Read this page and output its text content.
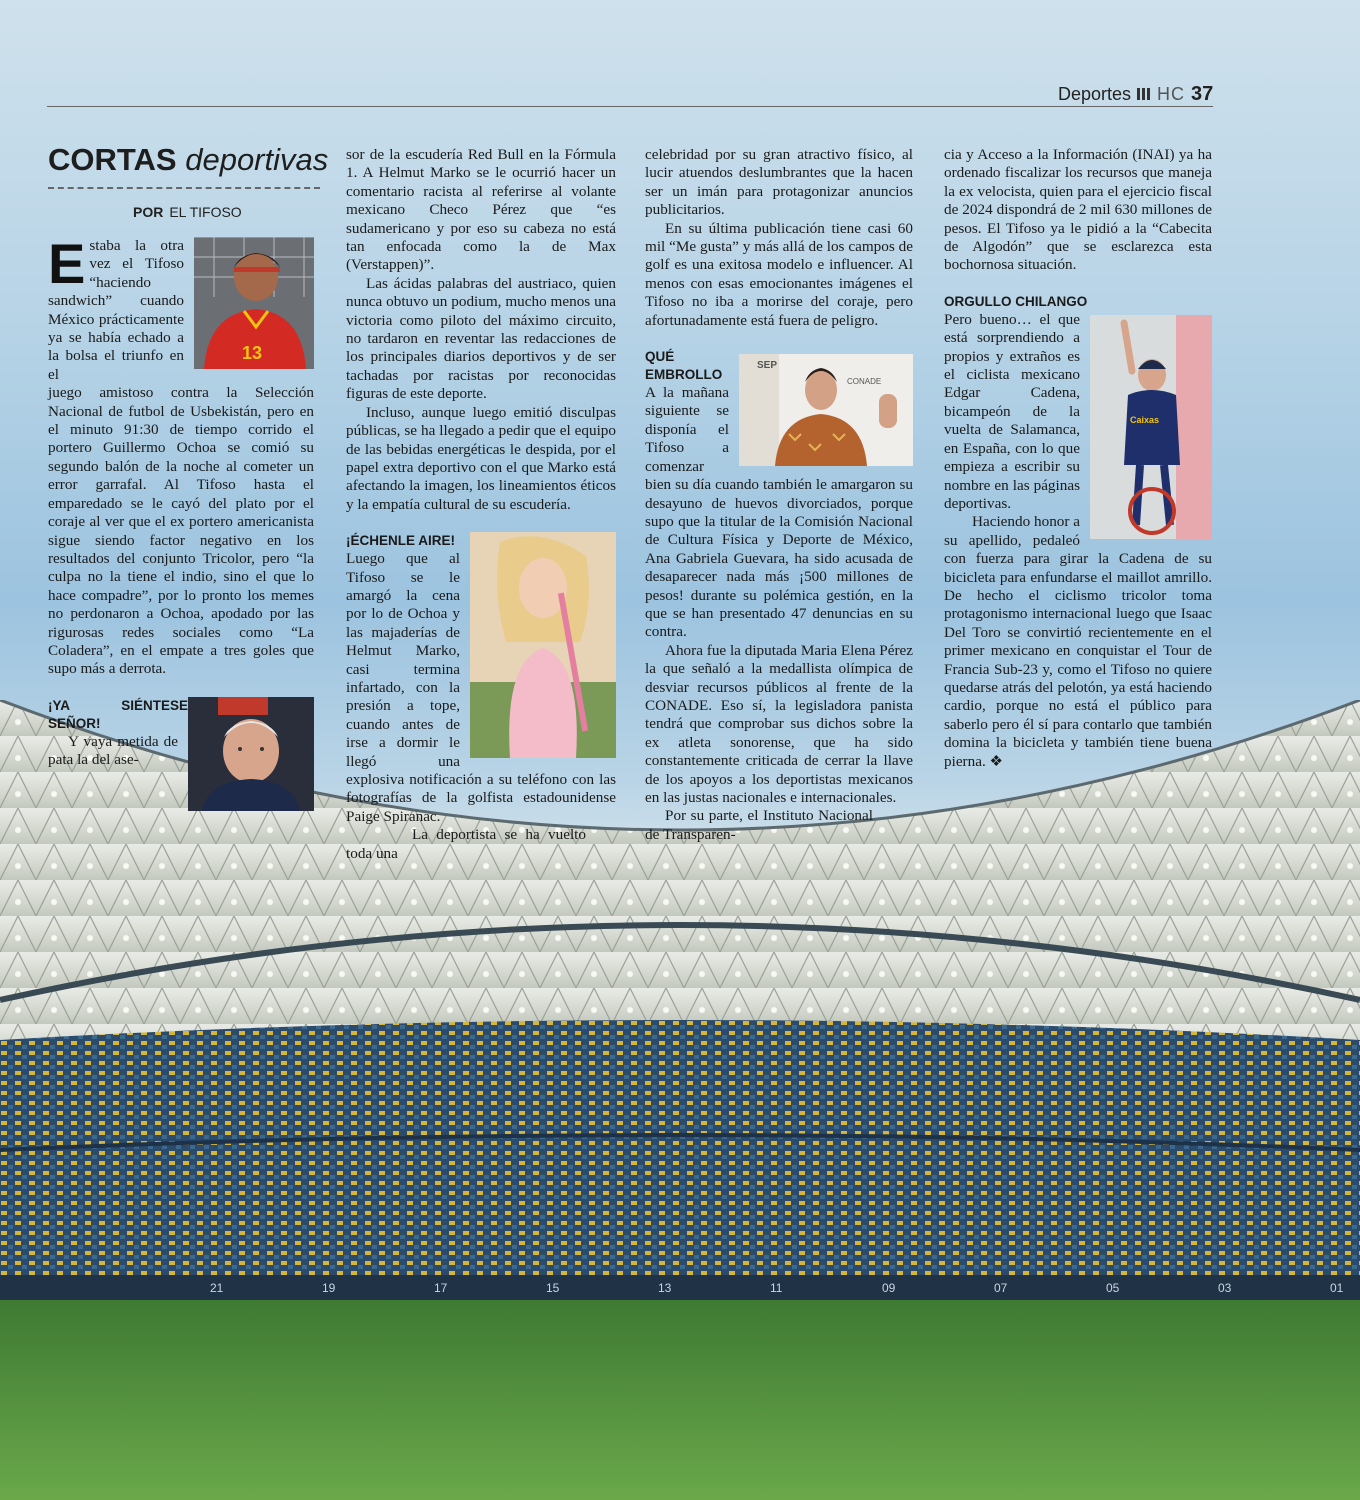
21	19	17	15	13	11	09	07	05	03	01
Deportes HC 37
CORTAS deportivas
POR EL TIFOSO
13
E staba la otra vez el Tifoso “haciendo sandwich” cuando México prácticamente ya se había echado a la bolsa el triunfo en el

juego amistoso contra la Selección Nacional de futbol de Usbekistán, pero en el minuto 91:30 de tiempo corrido el portero Guillermo Ochoa se comió su segundo balón de la noche al cometer un error garrafal. Al Tifoso hasta el emparedado se le cayó del plato por el coraje al ver que el ex portero americanista sigue siendo factor negativo en los resultados del conjunto Tricolor, pero “la culpa no la tiene el indio, sino el que lo hace compadre”, por lo pronto los memes no perdonaron a Ochoa, apodado por las rigurosas redes sociales como “La Coladera”, en el empate a tres goles que supo más a derrota.

¡YA SIÉNTESE SEÑOR!

Y vaya metida de pata la del ase-

sor de la escudería Red Bull en la Fórmula 1. A Helmut Marko se le ocurrió hacer un comentario racista al referirse al volante mexicano Checo Pérez que “es sudamericano y por eso su cabeza no está tan enfocada como la de Max (Verstappen)”.

Las ácidas palabras del austriaco, quien nunca obtuvo un podium, mucho menos una victoria como piloto del máximo circuito, no tardaron en reventar las redacciones de los principales diarios deportivos y de ser tachadas por racistas por reconocidas figuras de este deporte.

Incluso, aunque luego emitió disculpas públicas, se ha llegado a pedir que el equipo de las bebidas energéticas le despida, por el papel extra deportivo con el que Marko está afectando la imagen, los lineamientos éticos y la empatía cultural de su escudería.

¡ÉCHENLE AIRE!

Luego que al Tifoso se le amargó la cena por lo de Ochoa y las majaderías de Helmut Marko, casi termina infartado, con la presión a tope, cuando antes de irse a dormir le llegó una explosiva notificación a su teléfono con las fotografías de la golfista estadounidense Paige Spiranac.

La deportista se ha vuelto toda una

celebridad por su gran atractivo físico, al lucir atuendos deslumbrantes que la hacen ser un imán para protagonizar anuncios publicitarios.

En su última publicación tiene casi 60 mil “Me gusta” y más allá de los campos de golf es una exitosa modelo e influencer. Al menos con esas emocionantes imágenes el Tifoso no iba a morirse del coraje, pero afortunadamente está fuera de peligro.

QUÉ EMBROLLO

SEP
CONADE

A la mañana siguiente se disponía el Tifoso a comenzar bien su día cuando también le amargaron su desayuno de huevos divorciados, porque supo que la titular de la Comisión Nacional de Cultura Física y Deporte de México, Ana Gabriela Guevara, ha sido acusada de desaparecer nada más ¡500 millones de pesos! durante su polémica gestión, en la que se han presentado 47 denuncias en su contra.

Ahora fue la diputada Maria Elena Pérez la que señaló a la medallista olímpica de desviar recursos públicos al frente de la CONADE. Eso sí, la legisladora panista tendrá que comprobar sus dichos sobre la ex atleta sonorense, que ha sido constantemente criticada de cerrar la llave de los apoyos a los deportistas mexicanos en las justas nacionales e internacionales.

Por su parte, el Instituto Nacional de Transparen-

cia y Acceso a la Información (INAI) ya ha ordenado fiscalizar los recursos que maneja la ex velocista, quien para el ejercicio fiscal de 2024 dispondrá de 2 mil 630 millones de pesos. El Tifoso ya le pidió a la “Cabecita de Algodón” que se esclarezca esta bochornosa situación.

ORGULLO CHILANGO

Caixas

Pero bueno… el que está sorprendiendo a propios y extraños es el ciclista mexicano Edgar Cadena, bicampeón de la vuelta de Salamanca, en España, con lo que empieza a escribir su nombre en las páginas deportivas.

Haciendo honor a su apellido, pedaleó con fuerza para girar la Cadena de su bicicleta para enfundarse el maillot amrillo. De hecho el ciclismo tricolor toma protagonismo internacional luego que Isaac Del Toro se convirtió recientemente en el primer mexicano en conquistar el Tour de Francia Sub-23 y, como el Tifoso no quiere quedarse atrás del pelotón, ya está haciendo cardio, porque no está el público para saberlo pero él sí para contarlo que también domina la bicicleta y también tiene buena pierna. ❖
